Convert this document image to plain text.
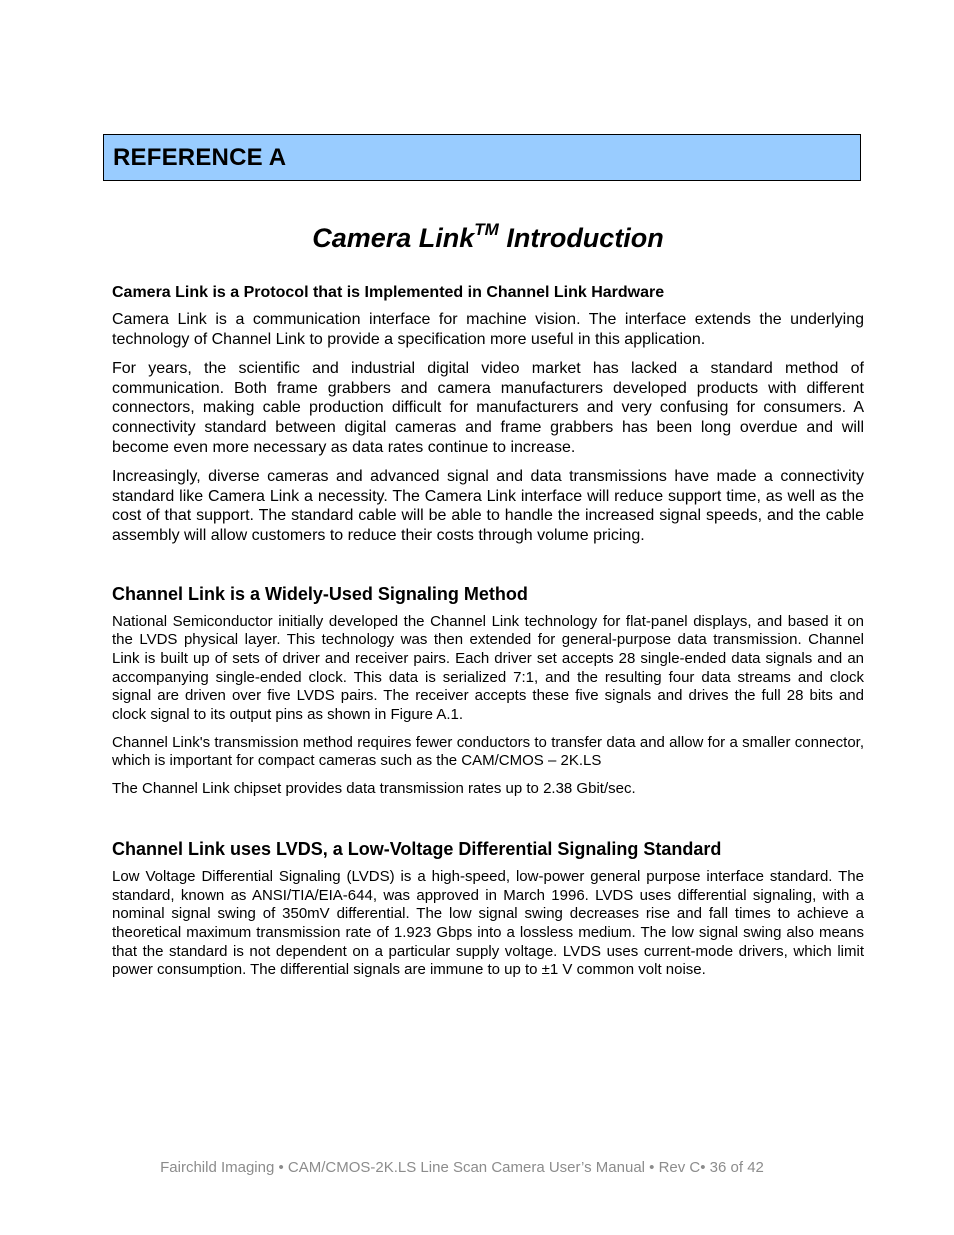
REFERENCE A
Camera Link™ Introduction
Camera Link is a Protocol that is Implemented in Channel Link Hardware

Camera Link is a communication interface for machine vision. The interface extends the underlying technology of Channel Link to provide a specification more useful in this application.

For years, the scientific and industrial digital video market has lacked a standard method of communication. Both frame grabbers and camera manufacturers developed products with different connectors, making cable production difficult for manufacturers and very confusing for consumers. A connectivity standard between digital cameras and frame grabbers has been long overdue and will become even more necessary as data rates continue to increase.

Increasingly, diverse cameras and advanced signal and data transmissions have made a connectivity standard like Camera Link a necessity. The Camera Link interface will reduce support time, as well as the cost of that support. The standard cable will be able to handle the increased signal speeds, and the cable assembly will allow customers to reduce their costs through volume pricing.

Channel Link is a Widely-Used Signaling Method

National Semiconductor initially developed the Channel Link technology for flat-panel displays, and based it on the LVDS physical layer. This technology was then extended for general-purpose data transmission. Channel Link is built up of sets of driver and receiver pairs. Each driver set accepts 28 single-ended data signals and an accompanying single-ended clock. This data is serialized 7:1, and the resulting four data streams and clock signal are driven over five LVDS pairs. The receiver accepts these five signals and drives the full 28 bits and clock signal to its output pins as shown in Figure A.1.

Channel Link's transmission method requires fewer conductors to transfer data and allow for a smaller connector, which is important for compact cameras such as the CAM/CMOS – 2K.LS

The Channel Link chipset provides data transmission rates up to 2.38 Gbit/sec.

Channel Link uses LVDS, a Low-Voltage Differential Signaling Standard

Low Voltage Differential Signaling (LVDS) is a high-speed, low-power general purpose interface standard. The standard, known as ANSI/TIA/EIA-644, was approved in March 1996. LVDS uses differential signaling, with a nominal signal swing of 350mV differential. The low signal swing decreases rise and fall times to achieve a theoretical maximum transmission rate of 1.923 Gbps into a lossless medium. The low signal swing also means that the standard is not dependent on a particular supply voltage. LVDS uses current-mode drivers, which limit power consumption. The differential signals are immune to up to ±1 V common volt noise.

Fairchild Imaging • CAM/CMOS-2K.LS Line Scan Camera User’s Manual • Rev C• 36 of 42
